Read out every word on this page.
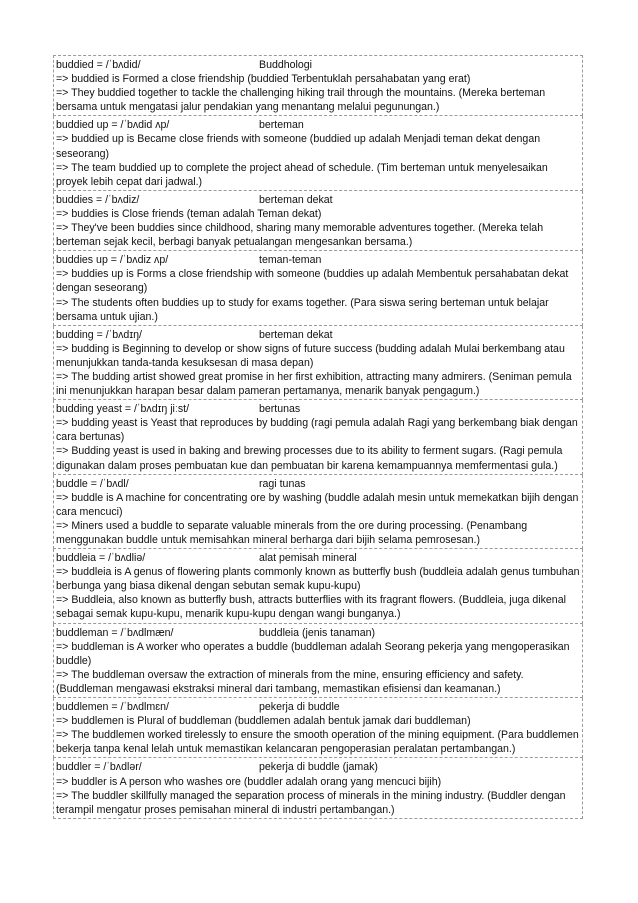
buddied = /ˈbʌdid/	Buddhologi
=> buddied is Formed a close friendship (buddied Terbentuklah persahabatan yang erat)
=> They buddied together to tackle the challenging hiking trail through the mountains. (Mereka berteman bersama untuk mengatasi jalur pendakian yang menantang melalui pegunungan.)
buddied up = /ˈbʌdid ʌp/	berteman
=> buddied up is Became close friends with someone (buddied up adalah Menjadi teman dekat dengan seseorang)
=> The team buddied up to complete the project ahead of schedule. (Tim berteman untuk menyelesaikan proyek lebih cepat dari jadwal.)
buddies = /ˈbʌdiz/	berteman dekat
=> buddies is Close friends (teman adalah Teman dekat)
=> They've been buddies since childhood, sharing many memorable adventures together. (Mereka telah berteman sejak kecil, berbagi banyak petualangan mengesankan bersama.)
buddies up = /ˈbʌdiz ʌp/	teman-teman
=> buddies up is Forms a close friendship with someone (buddies up adalah Membentuk persahabatan dekat dengan seseorang)
=> The students often buddies up to study for exams together. (Para siswa sering berteman untuk belajar bersama untuk ujian.)
budding = /ˈbʌdɪŋ/	berteman dekat
=> budding is Beginning to develop or show signs of future success (budding adalah Mulai berkembang atau menunjukkan tanda-tanda kesuksesan di masa depan)
=> The budding artist showed great promise in her first exhibition, attracting many admirers. (Seniman pemula ini menunjukkan harapan besar dalam pameran pertamanya, menarik banyak pengagum.)
budding yeast = /ˈbʌdɪŋ jiːst/	bertunas
=> budding yeast is Yeast that reproduces by budding (ragi pemula adalah Ragi yang berkembang biak dengan cara bertunas)
=> Budding yeast is used in baking and brewing processes due to its ability to ferment sugars. (Ragi pemula digunakan dalam proses pembuatan kue dan pembuatan bir karena kemampuannya memfermentasi gula.)
buddle = /ˈbʌdl/	ragi tunas
=> buddle is A machine for concentrating ore by washing (buddle adalah mesin untuk memekatkan bijih dengan cara mencuci)
=> Miners used a buddle to separate valuable minerals from the ore during processing. (Penambang menggunakan buddle untuk memisahkan mineral berharga dari bijih selama pemrosesan.)
buddleia = /ˈbʌdliə/	alat pemisah mineral
=> buddleia is A genus of flowering plants commonly known as butterfly bush (buddleia adalah genus tumbuhan berbunga yang biasa dikenal dengan sebutan semak kupu-kupu)
=> Buddleia, also known as butterfly bush, attracts butterflies with its fragrant flowers. (Buddleia, juga dikenal sebagai semak kupu-kupu, menarik kupu-kupu dengan wangi bunganya.)
buddleman = /ˈbʌdlmæn/	buddleia (jenis tanaman)
=> buddleman is A worker who operates a buddle (buddleman adalah Seorang pekerja yang mengoperasikan buddle)
=> The buddleman oversaw the extraction of minerals from the mine, ensuring efficiency and safety. (Buddleman mengawasi ekstraksi mineral dari tambang, memastikan efisiensi dan keamanan.)
buddlemen = /ˈbʌdlmɛn/	pekerja di buddle
=> buddlemen is Plural of buddleman (buddlemen adalah bentuk jamak dari buddleman)
=> The buddlemen worked tirelessly to ensure the smooth operation of the mining equipment. (Para buddlemen bekerja tanpa kenal lelah untuk memastikan kelancaran pengoperasian peralatan pertambangan.)
buddler = /ˈbʌdlər/	pekerja di buddle (jamak)
=> buddler is A person who washes ore (buddler adalah orang yang mencuci bijih)
=> The buddler skillfully managed the separation process of minerals in the mining industry. (Buddler dengan terampil mengatur proses pemisahan mineral di industri pertambangan.)
